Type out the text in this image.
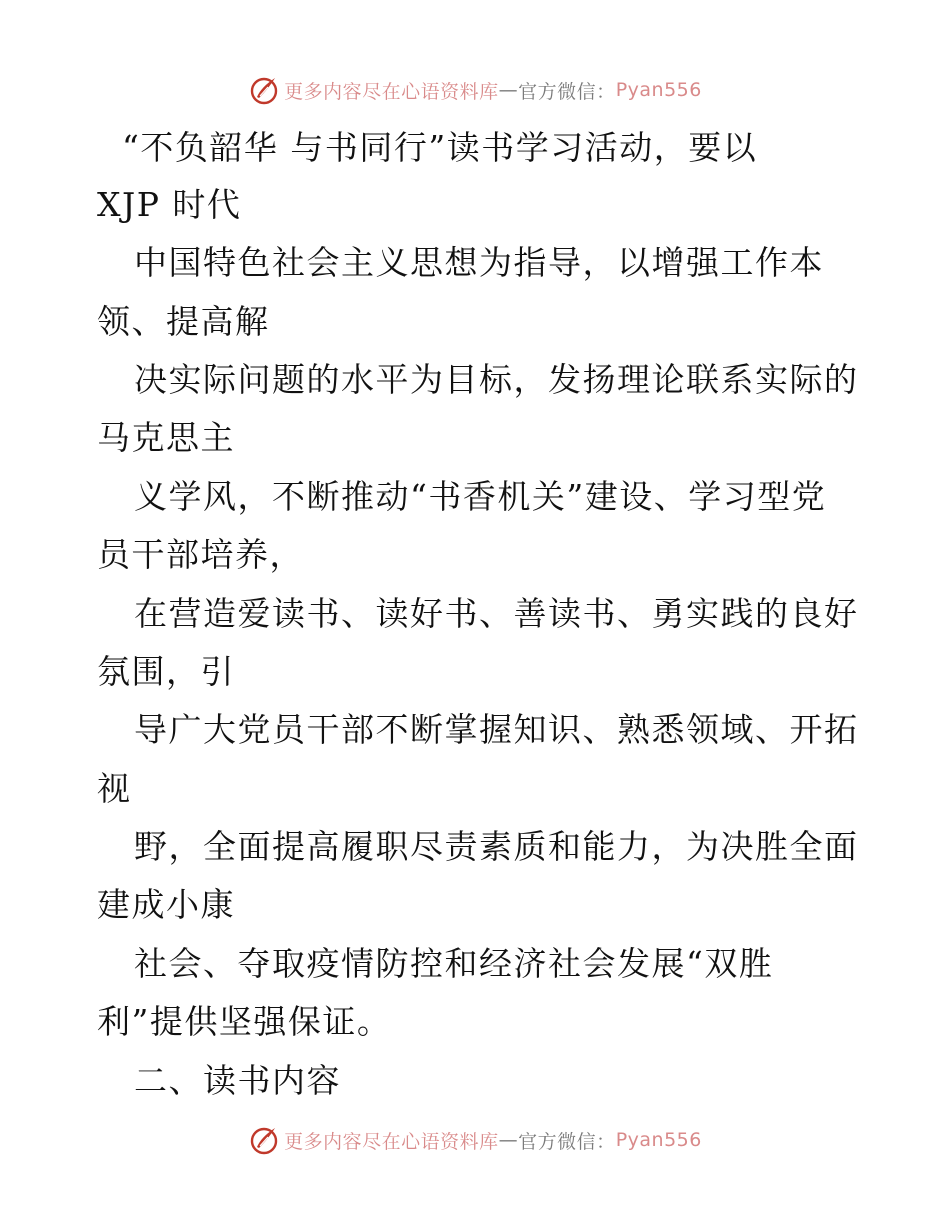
更多内容尽在心语资料库 — 官方微信： Pyan556
“不负韶华 与书同行”读书学习活动，要以
XJP 时代
中国特色社会主义思想为指导，以增强工作本
领、提高解
决实际问题的水平为目标，发扬理论联系实际的
马克思主
义学风，不断推动“书香机关”建设、学习型党
员干部培养，
在营造爱读书、读好书、善读书、勇实践的良好
氛围，引
导广大党员干部不断掌握知识、熟悉领域、开拓
视
野，全面提高履职尽责素质和能力，为决胜全面
建成小康
社会、夺取疫情防控和经济社会发展“双胜
利”提供坚强保证。
二、读书内容
更多内容尽在心语资料库 — 官方微信： Pyan556
